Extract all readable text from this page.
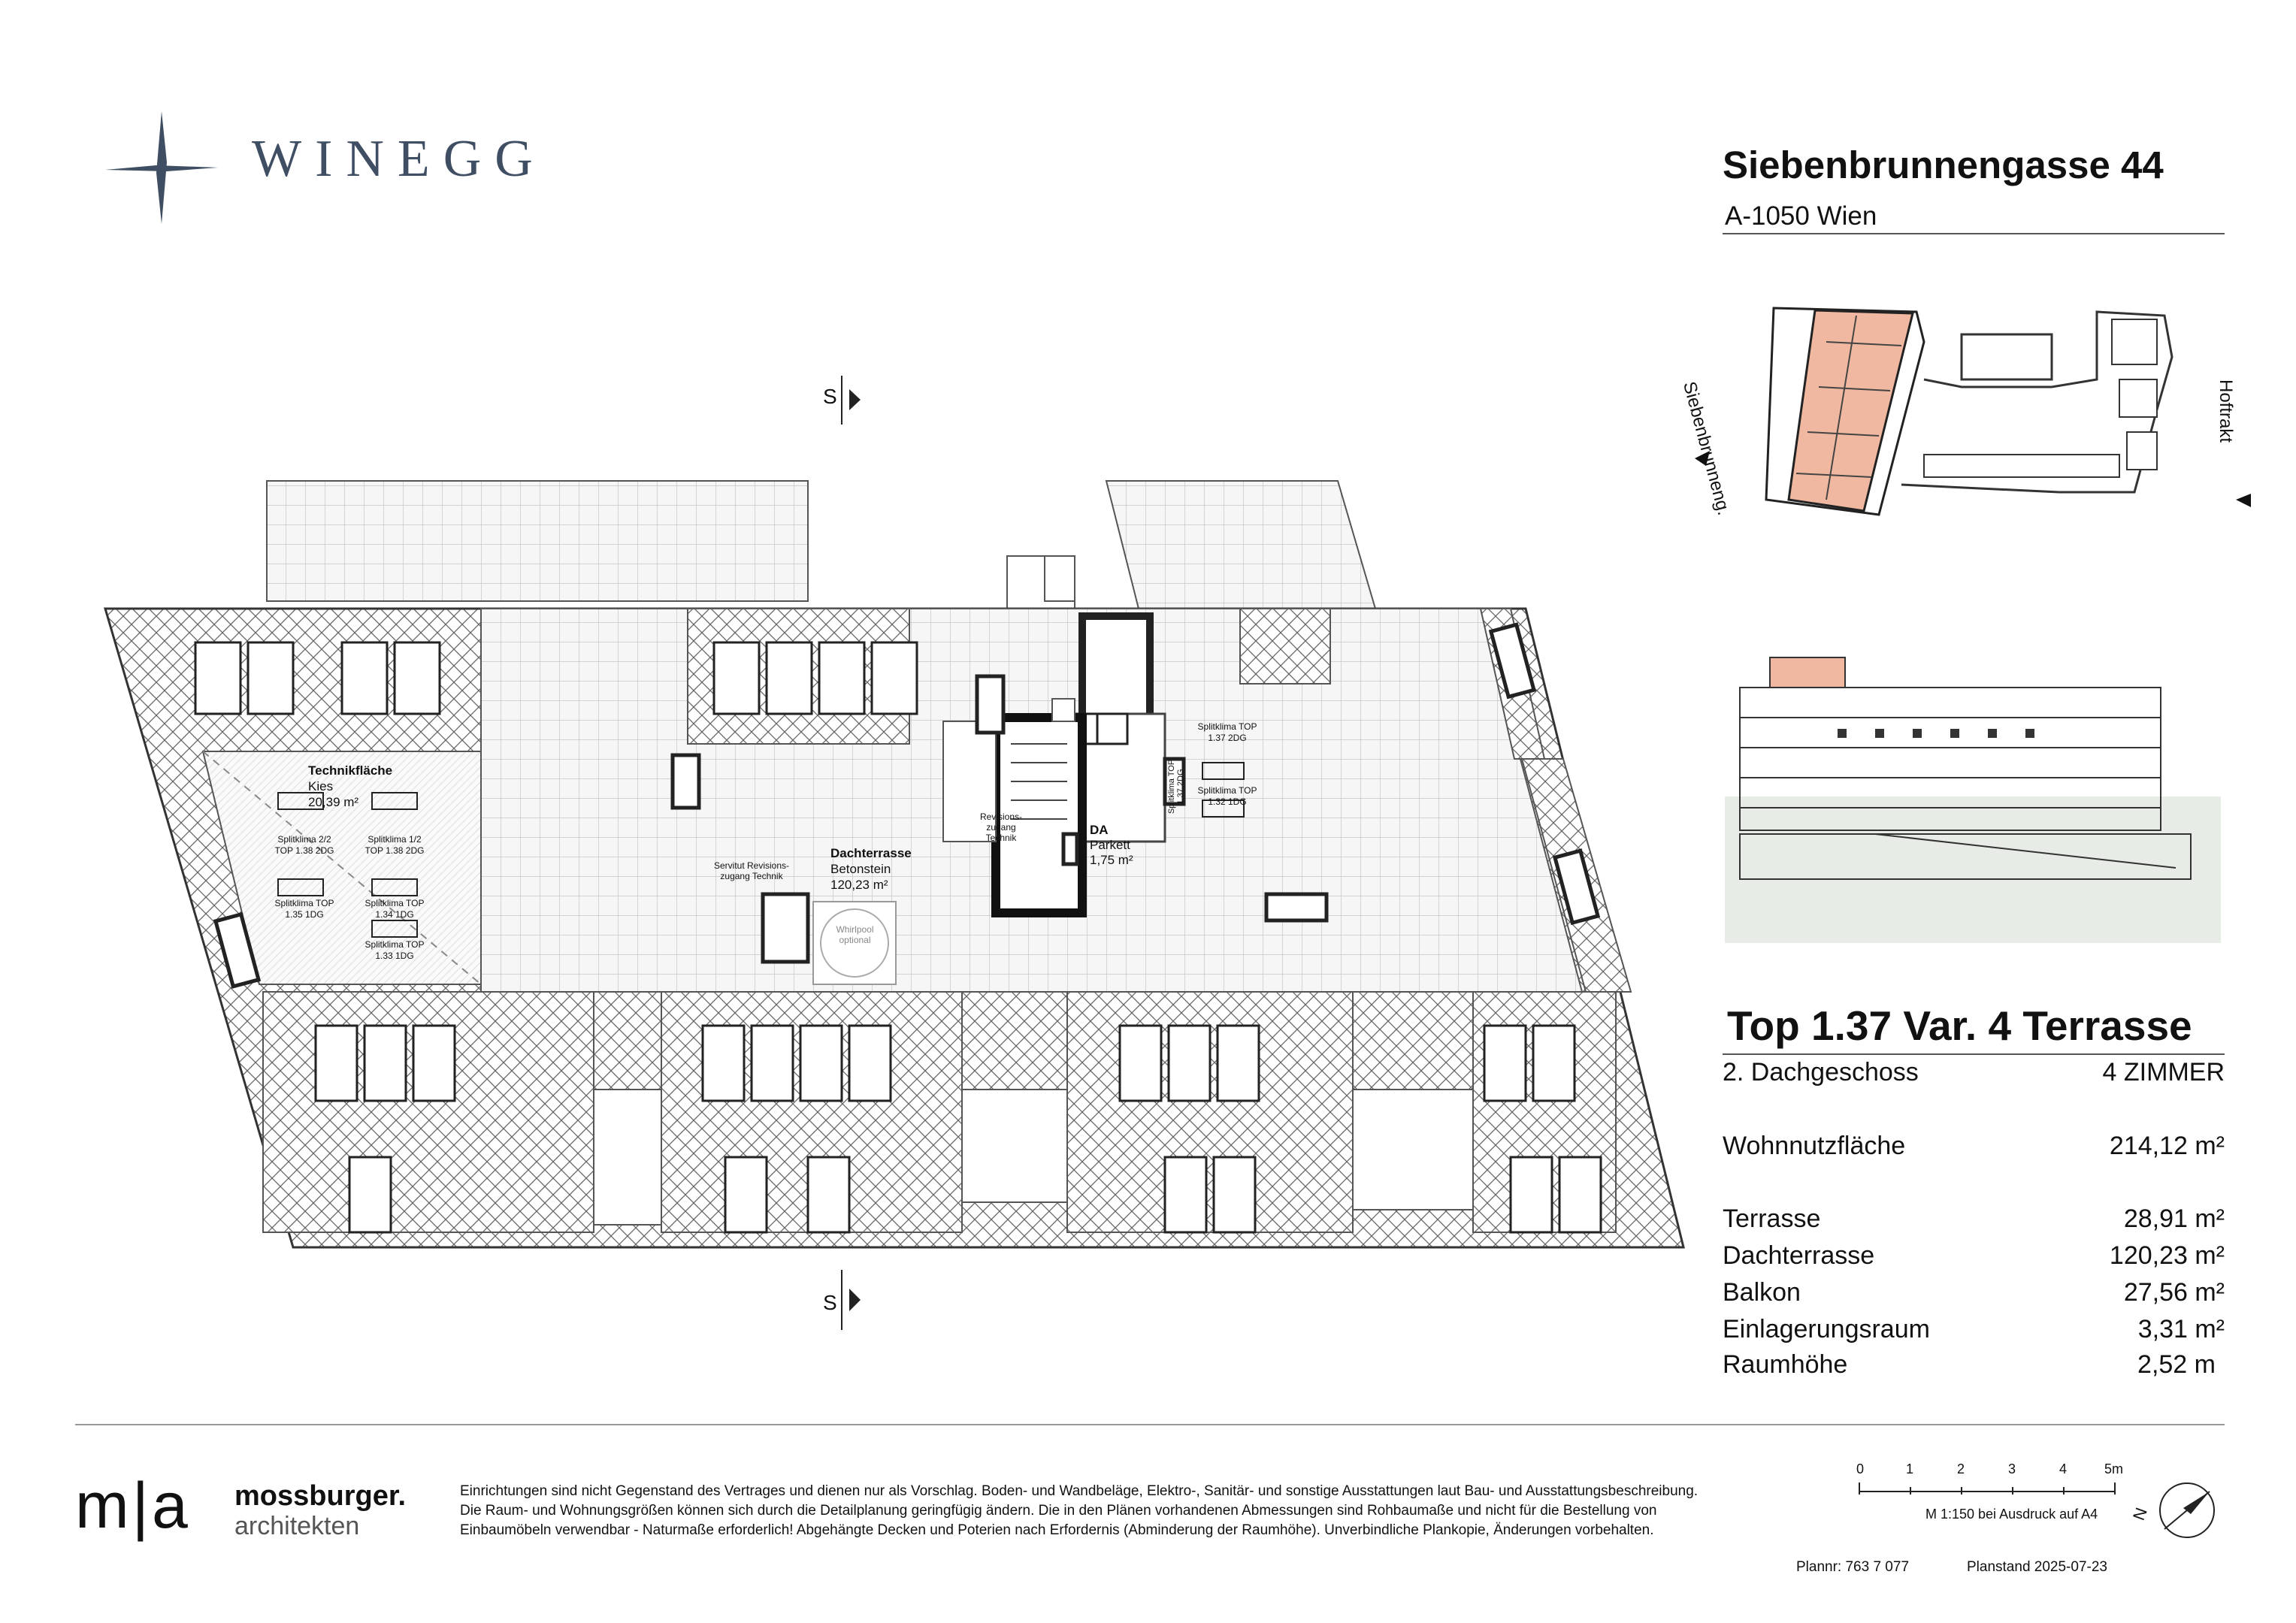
WINEGG	Siebenbrunnengasse 44
A-1050 Wien
Siebenbrunneng.	Hoftrakt
Top 1.37 Var. 4 Terrasse
2. Dachgeschoss	4 ZIMMER
Wohnnutzfläche	214,12 m²
Terrasse	28,91 m²
Dachterrasse	120,23 m²
Balkon	27,56 m²
Einlagerungsraum	3,31 m²
Raumhöhe	2,52 m
S
S
Technikfläche
Kies
20,39 m²
Dachterrasse
Betonstein
120,23 m²
DA
Parkett
1,75 m²
Whirlpool optional
Servitut Revisions-zugang Technik
Revisions-zugang Technik
Splitklima 2/2 TOP 1.38 2DG
Splitklima 1/2 TOP 1.38 2DG
Splitklima TOP 1.35 1DG
Splitklima TOP 1.34 1DG
Splitklima TOP 1.33 1DG
Splitklima TOP 1.37 2DG
Splitklima TOP 1.32 1DG
Splitklima TOP 1.37 2DG
m|a mossburger.
architekten
Einrichtungen sind nicht Gegenstand des Vertrages und dienen nur als Vorschlag. Boden- und Wandbeläge, Elektro-, Sanitär- und sonstige Ausstattungen laut Bau- und Ausstattungsbeschreibung.
Die Raum- und Wohnungsgrößen können sich durch die Detailplanung geringfügig ändern. Die in den Plänen vorhandenen Abmessungen sind Rohbaumaße und nicht für die Bestellung von
Einbaumöbeln verwendbar - Naturmaße erforderlich! Abgehängte Decken und Poterien nach Erfordernis (Abminderung der Raumhöhe). Unverbindliche Plankopie, Änderungen vorbehalten.
0	1	2	3	4	5m
M 1:150 bei Ausdruck auf A4 N
Plannr: 763 7 077	Planstand 2025-07-23
